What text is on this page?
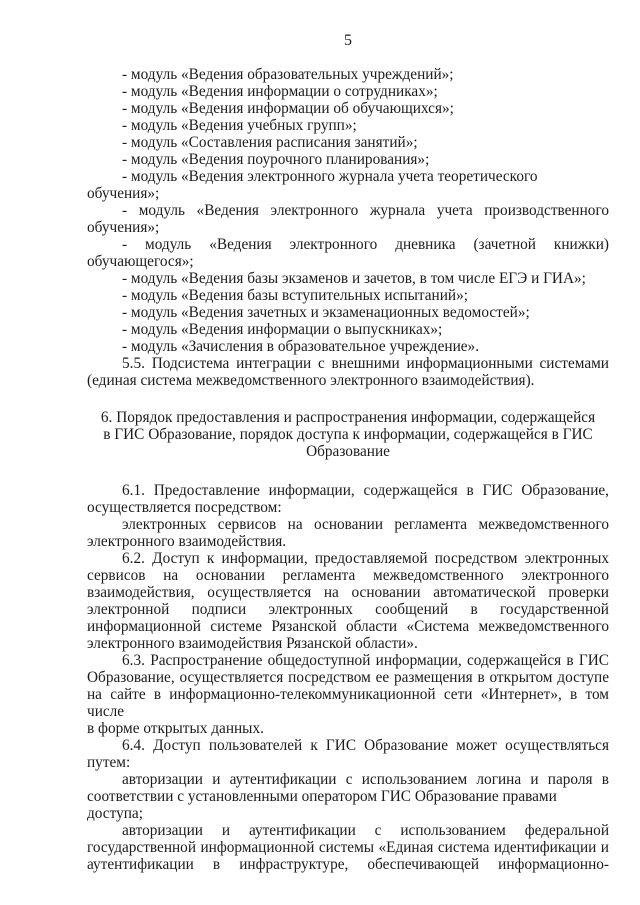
5

- модуль «Ведения образовательных учреждений»;

- модуль «Ведения информации о сотрудниках»;

- модуль «Ведения информации об обучающихся»;

- модуль «Ведения учебных групп»;

- модуль «Составления расписания занятий»;

- модуль «Ведения поурочного планирования»;

- модуль «Ведения электронного журнала учета теоретического обучения»;

- модуль «Ведения электронного журнала учета производственного

обучения»;

- модуль «Ведения электронного дневника (зачетной книжки)

обучающегося»;

- модуль «Ведения базы экзаменов и зачетов, в том числе ЕГЭ и ГИА»;

- модуль «Ведения базы вступительных испытаний»;

- модуль «Ведения зачетных и экзаменационных ведомостей»;

- модуль «Ведения информации о выпускниках»;

- модуль «Зачисления в образовательное учреждение».

5.5. Подсистема интеграции с внешними информационными системами

(единая система межведомственного электронного взаимодействия).

6. Порядок предоставления и распространения информации, содержащейся

в ГИС Образование, порядок доступа к информации, содержащейся в ГИС

Образование

6.1. Предоставление информации, содержащейся в ГИС Образование,

осуществляется посредством:

электронных сервисов на основании регламента межведомственного

электронного взаимодействия.

6.2. Доступ к информации, предоставляемой посредством электронных

сервисов на основании регламента межведомственного электронного

взаимодействия, осуществляется на основании автоматической проверки

электронной подписи электронных сообщений в государственной

информационной системе Рязанской области «Система межведомственного

электронного взаимодействия Рязанской области».

6.3. Распространение общедоступной информации, содержащейся в ГИС

Образование, осуществляется посредством ее размещения в открытом доступе

на сайте в информационно-телекоммуникационной сети «Интернет», в том числе

в форме открытых данных.

6.4. Доступ пользователей к ГИС Образование может осуществляться

путем:

авторизации и аутентификации с использованием логина и пароля в

соответствии с установленными оператором ГИС Образование правами доступа;

авторизации и аутентификации с использованием федеральной

государственной информационной системы «Единая система идентификации и

аутентификации в инфраструктуре, обеспечивающей информационно-
